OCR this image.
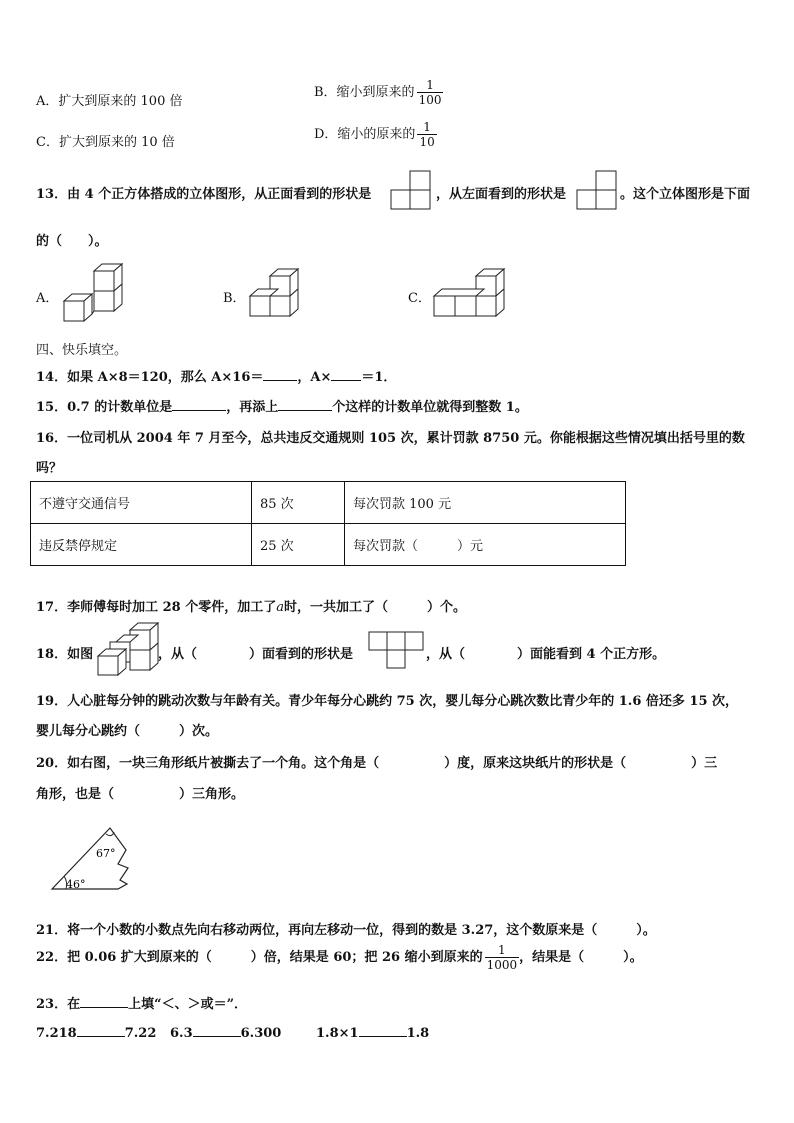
A．扩大到原来的 100 倍
B．缩小到原来的 $\frac{1}{100}$
C．扩大到原来的 10 倍
D．缩小的原来的 $\frac{1}{10}$
13．由 4 个正方体搭成的立体图形，从正面看到的形状是	，从左面看到的形状是	。这个立体图形是下面
的（　　）。
A．	B．	C．
四、快乐填空。
14．如果 A×8＝120，那么 A×16＝	，A× ＝1．
15．0.7 的计数单位是	，再添上	个这样的计数单位就得到整数 1。
16．一位司机从 2004 年 7 月至今，总共违反交通规则 105 次，累计罚款 8750 元。你能根据这些情况填出括号里的数
吗？
不遵守交通信号	85 次	每次罚款 100 元
违反禁停规定	25 次	每次罚款（　　　）元
17．李师傅每时加工 28 个零件，加工了a时，一共加工了（　　　）个。
18．如图	，从（　　　　）面看到的形状是	，从（　　　　）面能看到 4 个正方形。
19．人心脏每分钟的跳动次数与年龄有关。青少年每分心跳约 75 次，婴儿每分心跳次数比青少年的 1.6 倍还多 15 次，
婴儿每分心跳约（　　　）次。
20．如右图，一块三角形纸片被撕去了一个角。这个角是（　　　　　）度，原来这块纸片的形状是（　　　　　）三
角形，也是（　　　　　）三角形。
67°
46°
21．将一个小数的小数点先向右移动两位，再向左移动一位，得到的数是 3.27，这个数原来是（　　　）。
22．把 0.06 扩大到原来的（　　　）倍，结果是 60；把 26 缩小到原来的 $\frac{1}{1000}$ ，结果是（　　　）。
23．在	上填“＜、＞或＝”．
7.218	7.22 6.3	6.300	1.8×1	1.8
